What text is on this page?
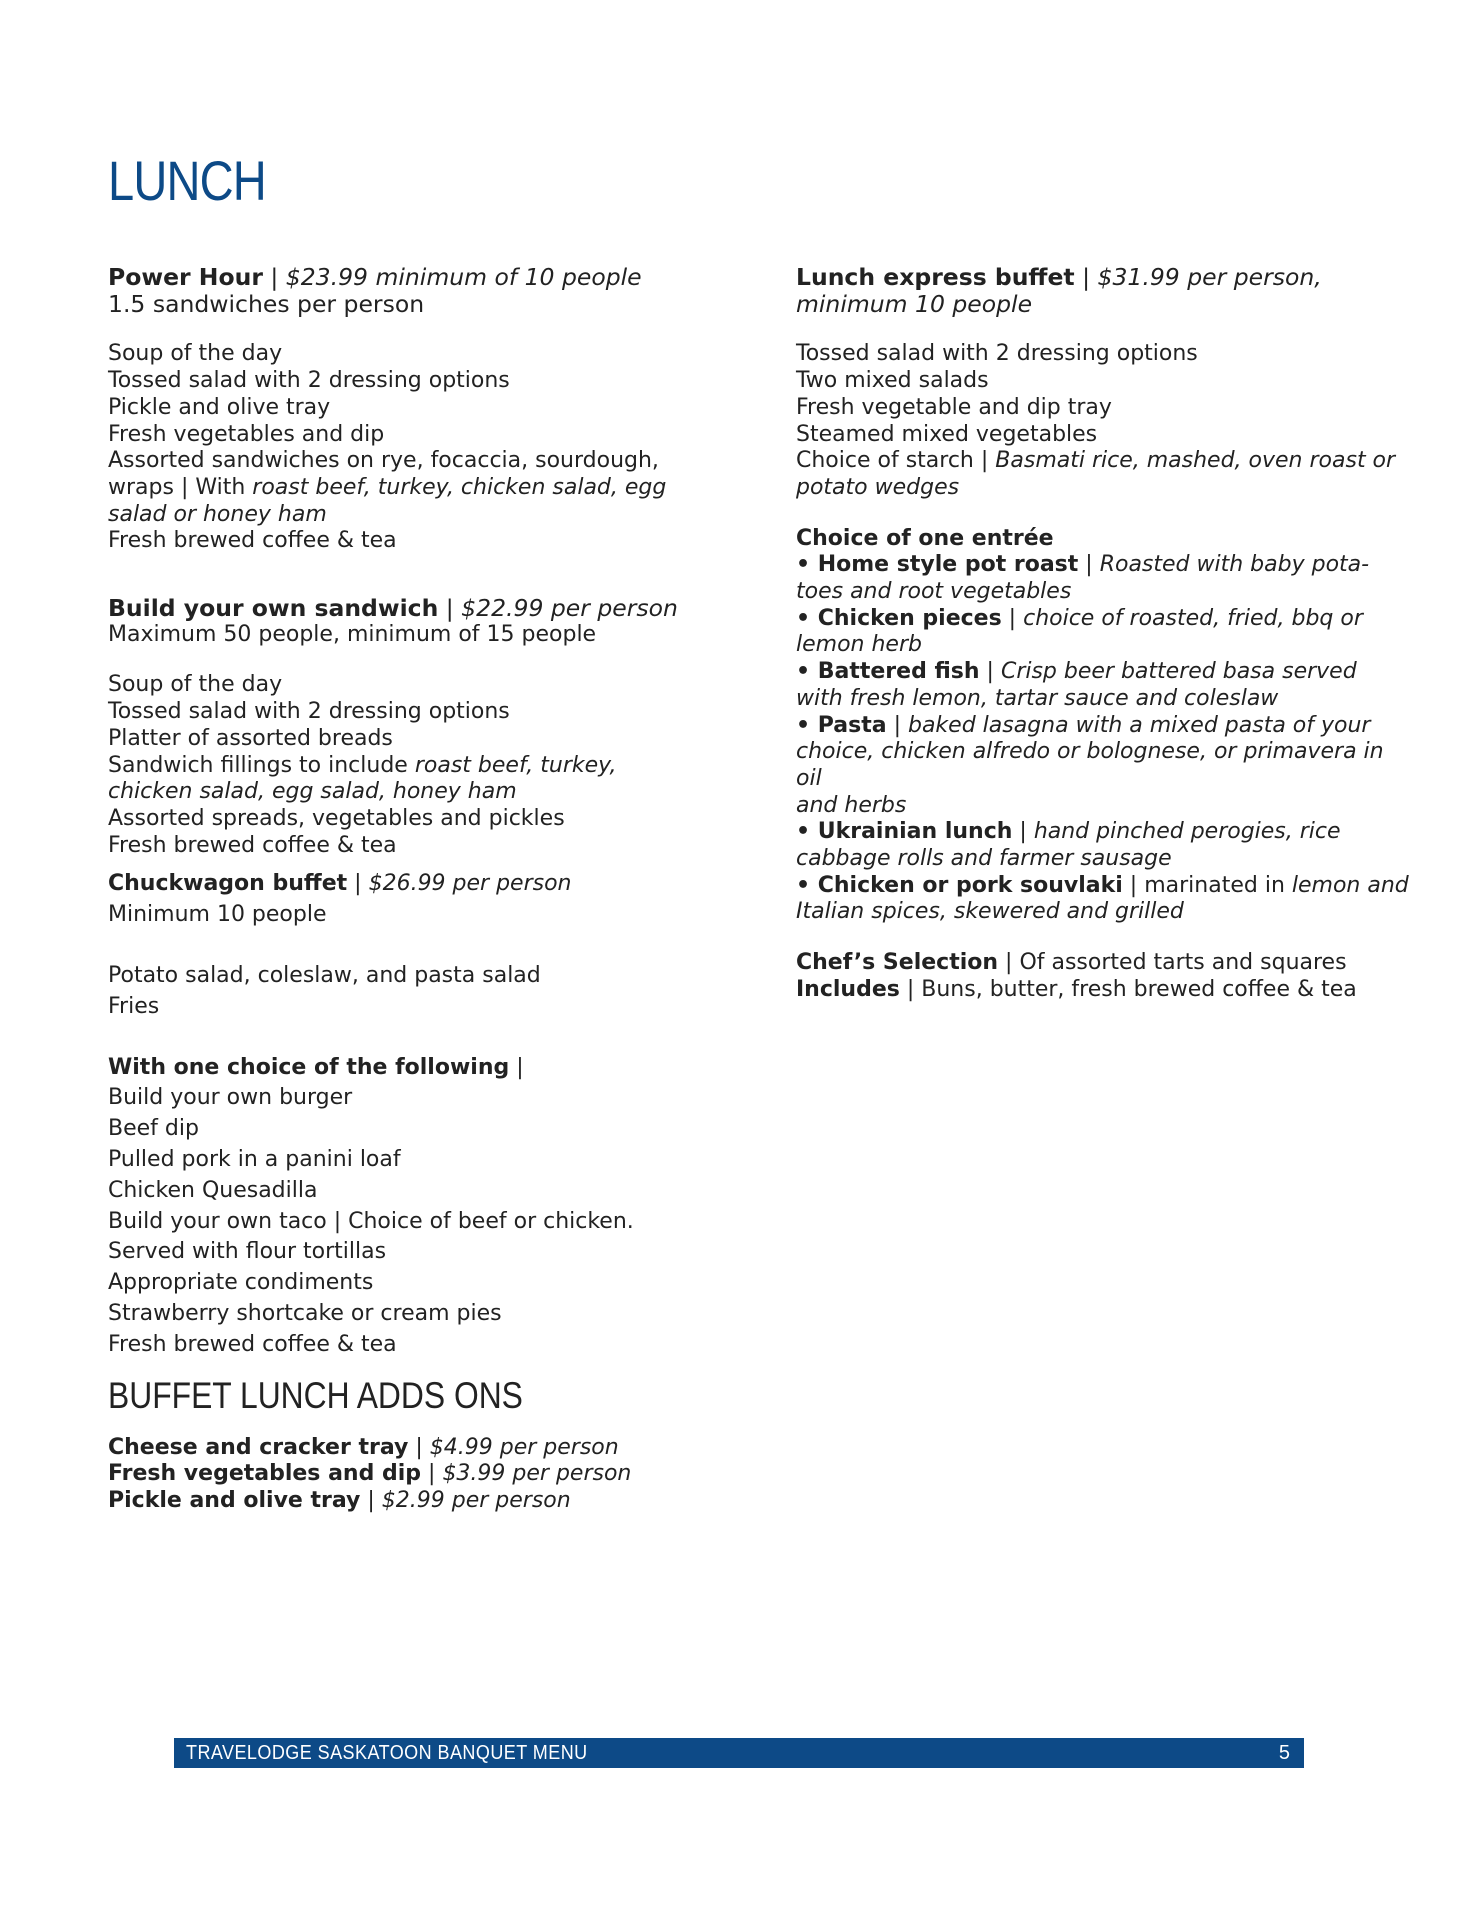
LUNCH

Power Hour | $23.99 minimum of 10 people

1.5 sandwiches per person

Soup of the day

Tossed salad with 2 dressing options

Pickle and olive tray

Fresh vegetables and dip

Assorted sandwiches on rye, focaccia, sourdough,

wraps | With roast beef, turkey, chicken salad, egg

salad or honey ham

Fresh brewed coffee & tea

Build your own sandwich | $22.99 per person

Maximum 50 people, minimum of 15 people

Soup of the day

Tossed salad with 2 dressing options

Platter of assorted breads

Sandwich fillings to include roast beef, turkey,

chicken salad, egg salad, honey ham

Assorted spreads, vegetables and pickles

Fresh brewed coffee & tea

Chuckwagon buffet | $26.99 per person

Minimum 10 people

Potato salad, coleslaw, and pasta salad

Fries

With one choice of the following |

Build your own burger

Beef dip

Pulled pork in a panini loaf

Chicken Quesadilla

Build your own taco | Choice of beef or chicken.

Served with flour tortillas

Appropriate condiments

Strawberry shortcake or cream pies

Fresh brewed coffee & tea

BUFFET LUNCH ADDS ONS

Cheese and cracker tray | $4.99 per person

Fresh vegetables and dip | $3.99 per person

Pickle and olive tray | $2.99 per person

Lunch express buffet | $31.99 per person,

minimum 10 people

Tossed salad with 2 dressing options

Two mixed salads

Fresh vegetable and dip tray

Steamed mixed vegetables

Choice of starch | Basmati rice, mashed, oven roast or

potato wedges

Choice of one entrée

• Home style pot roast | Roasted with baby pota-

toes and root vegetables

• Chicken pieces | choice of roasted, fried, bbq or

lemon herb

• Battered fish | Crisp beer battered basa served

with fresh lemon, tartar sauce and coleslaw

• Pasta | baked lasagna with a mixed pasta of your

choice, chicken alfredo or bolognese, or primavera in oil

and herbs

• Ukrainian lunch | hand pinched perogies, rice

cabbage rolls and farmer sausage

• Chicken or pork souvlaki | marinated in lemon and

Italian spices, skewered and grilled

Chef’s Selection | Of assorted tarts and squares

Includes | Buns, butter, fresh brewed coffee & tea

TRAVELODGE SASKATOON BANQUET MENU	5
